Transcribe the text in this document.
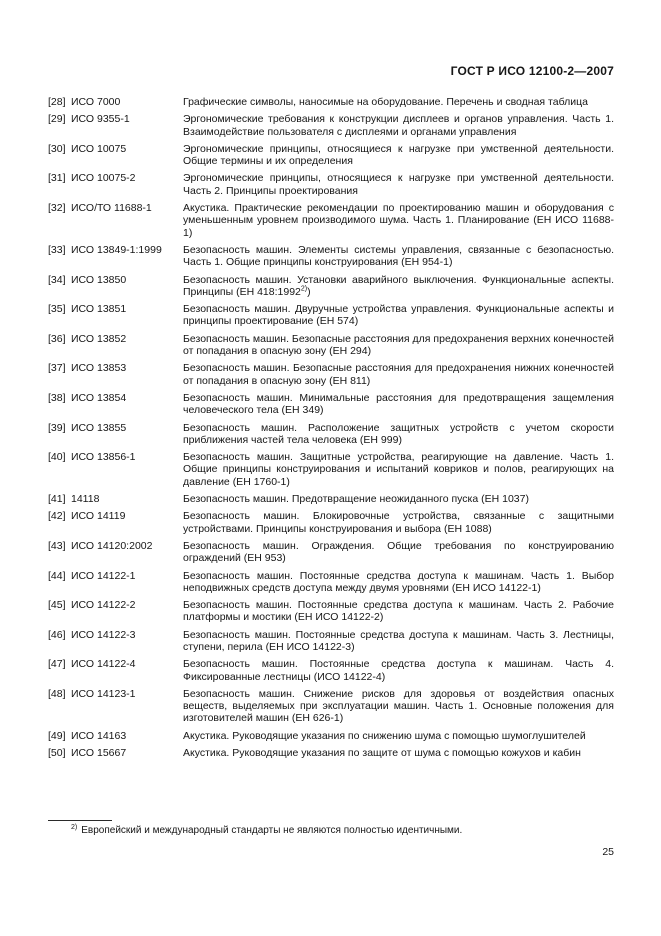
ГОСТ Р ИСО 12100-2—2007
[28] ИСО 7000	Графические символы, наносимые на оборудование. Перечень и сводная таблица
[29] ИСО 9355-1	Эргономические требования к конструкции дисплеев и органов управления. Часть 1. Взаимодействие пользователя с дисплеями и органами управления
[30] ИСО 10075	Эргономические принципы, относящиеся к нагрузке при умственной деятельности. Общие термины и их определения
[31] ИСО 10075-2	Эргономические принципы, относящиеся к нагрузке при умственной деятельности. Часть 2. Принципы проектирования
[32] ИСО/ТО 11688-1	Акустика. Практические рекомендации по проектированию машин и оборудования с уменьшенным уровнем производимого шума. Часть 1. Планирование (ЕН ИСО 11688-1)
[33] ИСО 13849-1:1999	Безопасность машин. Элементы системы управления, связанные с безопасностью. Часть 1. Общие принципы конструирования (ЕН 954-1)
[34] ИСО 13850	Безопасность машин. Установки аварийного выключения. Функциональные аспекты. Принципы (ЕН 418:1992$^{2)}$)
[35] ИСО 13851	Безопасность машин. Двуручные устройства управления. Функциональные аспекты и принципы проектирование (ЕН 574)
[36] ИСО 13852	Безопасность машин. Безопасные расстояния для предохранения верхних конечностей от попадания в опасную зону (ЕН 294)
[37] ИСО 13853	Безопасность машин. Безопасные расстояния для предохранения нижних конечностей от попадания в опасную зону (ЕН 811)
[38] ИСО 13854	Безопасность машин. Минимальные расстояния для предотвращения защемления человеческого тела (ЕН 349)
[39] ИСО 13855	Безопасность машин. Расположение защитных устройств с учетом скорости приближения частей тела человека (ЕН 999)
[40] ИСО 13856-1	Безопасность машин. Защитные устройства, реагирующие на давление. Часть 1. Общие принципы конструирования и испытаний ковриков и полов, реагирующих на давление (ЕН 1760-1)
[41] 14118	Безопасность машин. Предотвращение неожиданного пуска (ЕН 1037)
[42] ИСО 14119	Безопасность машин. Блокировочные устройства, связанные с защитными устройствами. Принципы конструирования и выбора (ЕН 1088)
[43] ИСО 14120:2002	Безопасность машин. Ограждения. Общие требования по конструированию ограждений (ЕН 953)
[44] ИСО 14122-1	Безопасность машин. Постоянные средства доступа к машинам. Часть 1. Выбор неподвижных средств доступа между двумя уровнями (ЕН ИСО 14122-1)
[45] ИСО 14122-2	Безопасность машин. Постоянные средства доступа к машинам. Часть 2. Рабочие платформы и мостики (ЕН ИСО 14122-2)
[46] ИСО 14122-3	Безопасность машин. Постоянные средства доступа к машинам. Часть 3. Лестницы, ступени, перила (ЕН ИСО 14122-3)
[47] ИСО 14122-4	Безопасность машин. Постоянные средства доступа к машинам. Часть 4. Фиксированные лестницы (ИСО 14122-4)
[48] ИСО 14123-1	Безопасность машин. Снижение рисков для здоровья от воздействия опасных веществ, выделяемых при эксплуатации машин. Часть 1. Основные положения для изготовителей машин (ЕН 626-1)
[49] ИСО 14163	Акустика. Руководящие указания по снижению шума с помощью шумоглушителей
[50] ИСО 15667	Акустика. Руководящие указания по защите от шума с помощью кожухов и кабин
$^{2)}$ Европейский и международный стандарты не являются полностью идентичными.
25
